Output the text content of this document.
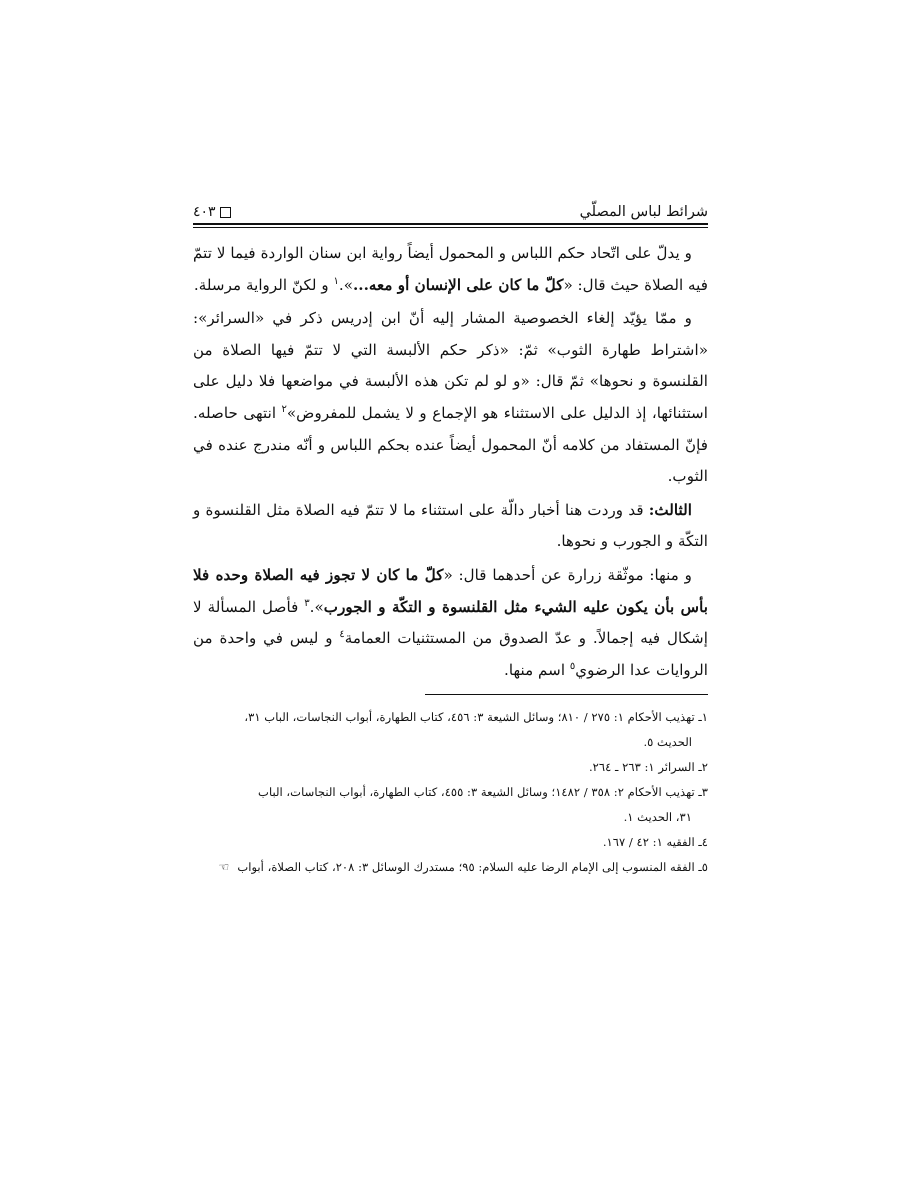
شرائط لباس المصلّي
٤٠٣

و يدلّ على اتّحاد حكم اللباس و المحمول أيضاً رواية ابن سنان الواردة فيما لا تتمّ فيه الصلاة حيث قال: «كلّ ما كان على الإنسان أو معه...».$^١$ و لكنّ الرواية مرسلة.

و ممّا يؤيّد إلغاء الخصوصية المشار إليه أنّ ابن إدريس ذكر في «السرائر»: «اشتراط طهارة الثوب» ثمّ: «ذكر حكم الألبسة التي لا تتمّ فيها الصلاة من القلنسوة و نحوها» ثمّ قال: «و لو لم تكن هذه الألبسة في مواضعها فلا دليل على استثنائها، إذ الدليل على الاستثناء هو الإجماع و لا يشمل للمفروض»$^٢$ انتهى حاصله. فإنّ المستفاد من كلامه أنّ المحمول أيضاً عنده بحكم اللباس و أنّه مندرج عنده في الثوب.

الثالث: قد وردت هنا أخبار دالّة على استثناء ما لا تتمّ فيه الصلاة مثل القلنسوة و التكّة و الجورب و نحوها.

و منها: موثّقة زرارة عن أحدهما قال: «كلّ ما كان لا تجوز فيه الصلاة وحده فلا بأس بأن يكون عليه الشيء مثل القلنسوة و التكّة و الجورب».$^٣$ فأصل المسألة لا إشكال فيه إجمالاً. و عدّ الصدوق من المستثنيات العمامة$^٤$ و ليس في واحدة من الروايات عدا الرضوي$^٥$ اسم منها.

١ـ تهذيب الأحكام ١: ٢٧٥ / ٨١٠؛ وسائل الشيعة ٣: ٤٥٦، كتاب الطهارة، أبواب النجاسات، الباب ٣١،
الحديث ٥.

٢ـ السرائر ١: ٢٦٣ ـ ٢٦٤.

٣ـ تهذيب الأحكام ٢: ٣٥٨ / ١٤٨٢؛ وسائل الشيعة ٣: ٤٥٥، كتاب الطهارة، أبواب النجاسات، الباب
٣١، الحديث ١.

٤ـ الفقيه ١: ٤٢ / ١٦٧.

٥ـ الفقه المنسوب إلى الإمام الرضا عليه السلام: ٩٥؛ مستدرك الوسائل ٣: ٢٠٨، كتاب الصلاة، أبواب☜
